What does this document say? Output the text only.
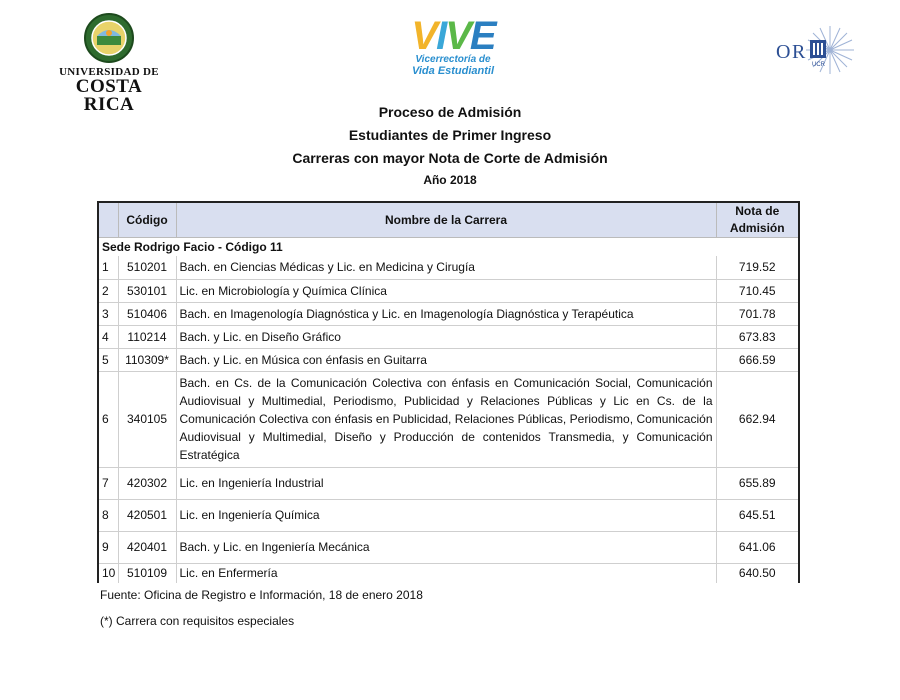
UNIVERSIDAD DE
COSTA RICA
VIVE
Vicerrectoría de
Vida Estudiantil
O R
UCR
Proceso de Admisión
Estudiantes de Primer Ingreso
Carreras con mayor Nota de Corte de Admisión
Año 2018
	Código	Nombre de la Carrera	Nota de Admisión
Sede Rodrigo Facio - Código 11			
1	510201	Bach. en Ciencias Médicas y Lic. en Medicina y Cirugía	719.52
2	530101	Lic. en Microbiología y Química Clínica	710.45
3	510406	Bach. en Imagenología Diagnóstica y Lic. en Imagenología Diagnóstica y Terapéutica	701.78
4	110214	Bach. y Lic. en Diseño Gráfico	673.83
5	110309*	Bach. y Lic. en Música con énfasis en Guitarra	666.59
6	340105	Bach. en Cs. de la Comunicación Colectiva con énfasis en Comunicación Social, Comunicación Audiovisual y Multimedial, Periodismo, Publicidad y Relaciones Públicas y Lic en Cs. de la Comunicación Colectiva con énfasis en Publicidad, Relaciones Públicas, Periodismo, Comunicación Audiovisual y Multimedial, Diseño y Producción de contenidos Transmedia, y Comunicación Estratégica	662.94
7	420302	Lic. en Ingeniería Industrial	655.89
8	420501	Lic. en Ingeniería Química	645.51
9	420401	Bach. y Lic. en Ingeniería Mecánica	641.06
10	510109	Lic. en Enfermería	640.50
Fuente: Oficina de Registro e Información, 18 de enero 2018
(*) Carrera con requisitos especiales
